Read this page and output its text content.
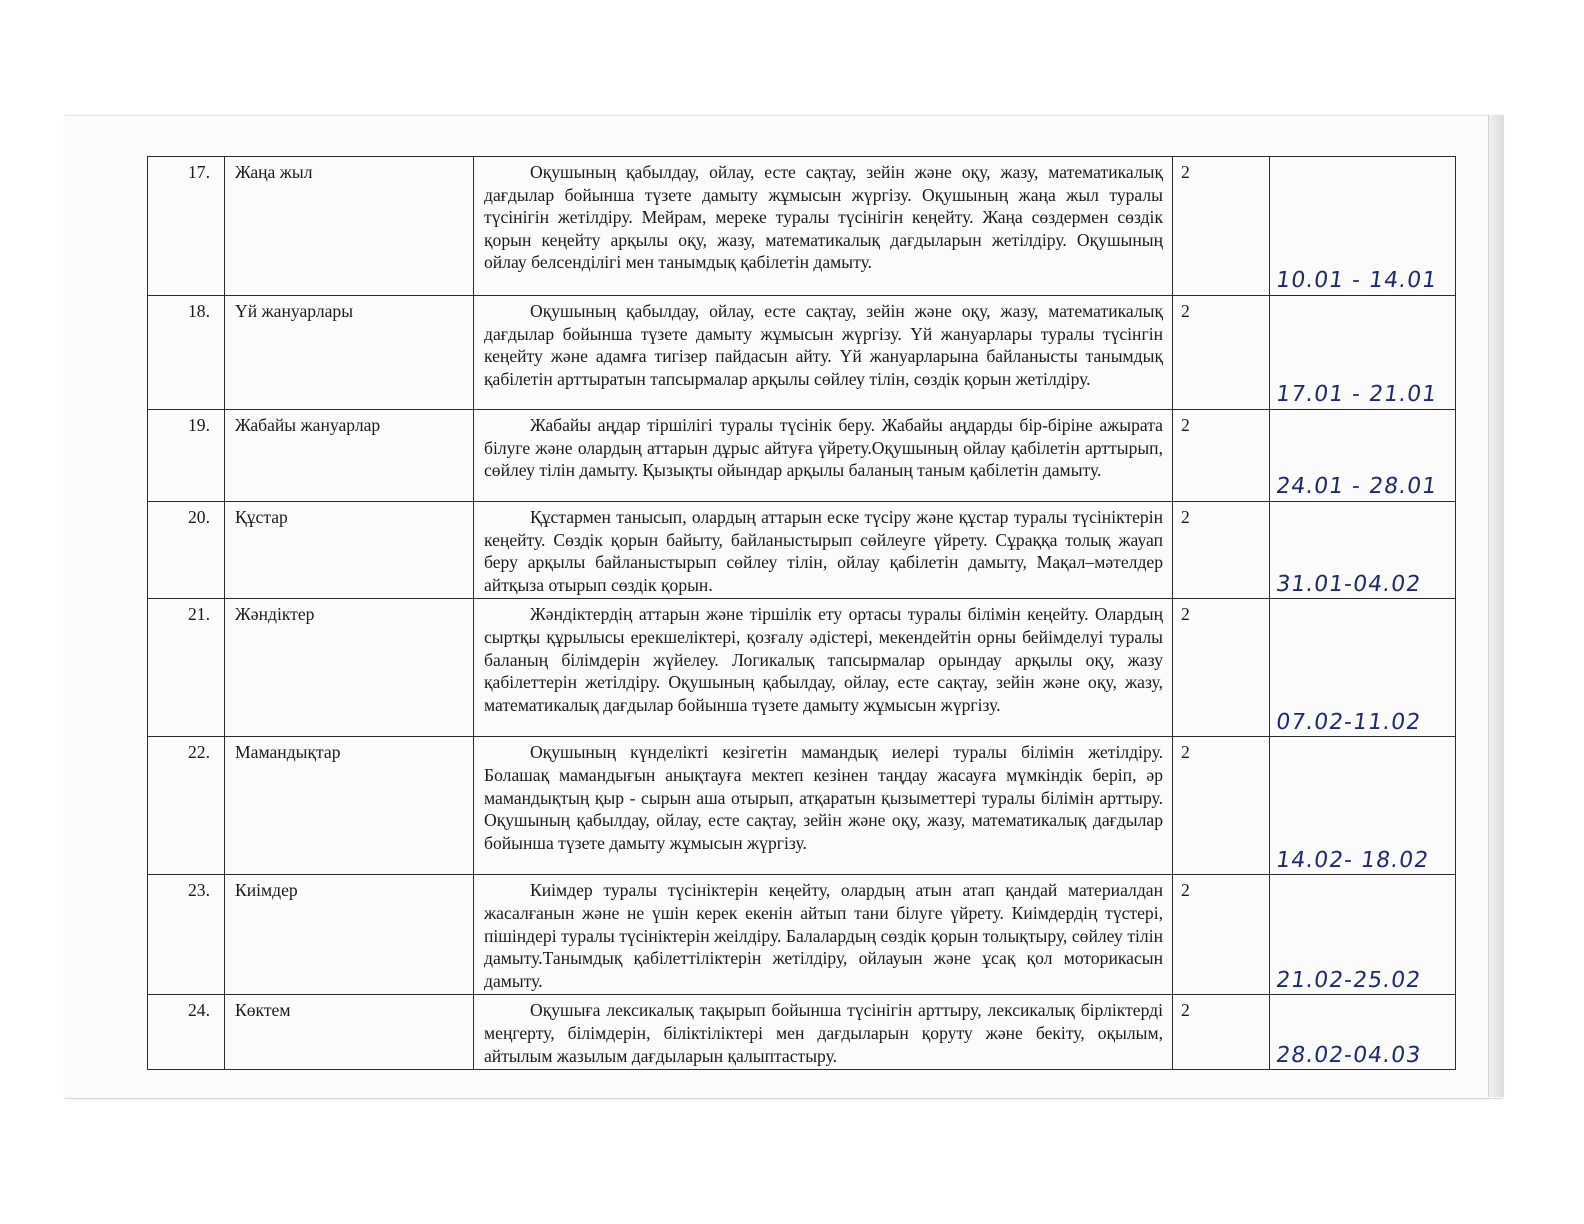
17.	Жаңа жыл	Оқушының қабылдау, ойлау, есте сақтау, зейін және оқу, жазу, математикалық дағдылар бойынша түзете дамыту жұмысын жүргізу. Оқушының жаңа жыл туралы түсінігін жетілдіру. Мейрам, мереке туралы түсінігін кеңейту. Жаңа сөздермен сөздік қорын кеңейту арқылы оқу, жазу, математикалық дағдыларын жетілдіру. Оқушының ойлау белсенділігі мен танымдық қабілетін дамыту.	2	10.01 - 14.01

18.	Үй жануарлары	Оқушының қабылдау, ойлау, есте сақтау, зейін және оқу, жазу, математикалық дағдылар бойынша түзете дамыту жұмысын жүргізу. Үй жануарлары туралы түсінгін кеңейту және адамға тигізер пайдасын айту. Үй жануарларына байланысты танымдық қабілетін арттыратын тапсырмалар арқылы сөйлеу тілін, сөздік қорын жетілдіру.	2	17.01 - 21.01

19.	Жабайы жануарлар	Жабайы аңдар тіршілігі туралы түсінік беру. Жабайы аңдарды бір-біріне ажырата білуге және олардың аттарын дұрыс айтуға үйрету.Оқушының ойлау қабілетін арттырып, сөйлеу тілін дамыту. Қызықты ойындар арқылы баланың таным қабілетін дамыту.	2	24.01 - 28.01

20.	Құстар	Құстармен танысып, олардың аттарын еске түсіру және құстар туралы түсініктерін кеңейту. Сөздік қорын байыту, байланыстырып сөйлеуге үйрету. Сұраққа толық жауап беру арқылы байланыстырып сөйлеу тілін, ойлау қабілетін дамыту, Мақал–мәтелдер айтқыза отырып сөздік қорын.	2	31.01-04.02

21.	Жәндіктер	Жәндіктердің аттарын және тіршілік ету ортасы туралы білімін кеңейту. Олардың сыртқы құрылысы ерекшеліктері, қозғалу әдістері, мекендейтін орны бейімделуі туралы баланың білімдерін жүйелеу. Логикалық тапсырмалар орындау арқылы оқу, жазу қабілеттерін жетілдіру. Оқушының қабылдау, ойлау, есте сақтау, зейін және оқу, жазу, математикалық дағдылар бойынша түзете дамыту жұмысын жүргізу.	2	07.02-11.02

22.	Мамандықтар	Оқушының күнделікті кезігетін мамандық иелері туралы білімін жетілдіру. Болашақ мамандығын анықтауға мектеп кезінен таңдау жасауға мүмкіндік беріп, әр мамандықтың қыр - сырын аша отырып, атқаратын қызыметтері туралы білімін арттыру. Оқушының қабылдау, ойлау, есте сақтау, зейін және оқу, жазу, математикалық дағдылар бойынша түзете дамыту жұмысын жүргізу.	2	14.02- 18.02

23.	Киімдер	Киімдер туралы түсініктерін кеңейту, олардың атын атап қандай материалдан жасалғанын және не үшін керек екенін айтып тани білуге үйрету. Киімдердің түстері, пішіндері туралы түсініктерін жеілдіру. Балалардың сөздік қорын толықтыру, сөйлеу тілін дамыту.Танымдық қабілеттіліктерін жетілдіру, ойлауын және ұсақ қол моторикасын дамыту.	2	21.02-25.02

24.	Көктем	Оқушыға лексикалық тақырып бойынша түсінігін арттыру, лексикалық бірліктерді меңгерту, білімдерін, біліктіліктері мен дағдыларын қоруту және бекіту, оқылым, айтылым жазылым дағдыларын қалыптастыру.	2	28.02-04.03
